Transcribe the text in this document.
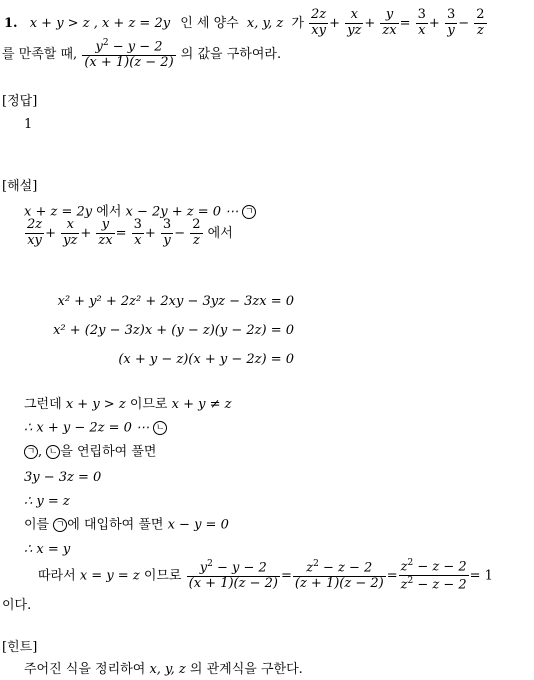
1. x + y > z , x + z = 2y 인 세 양수 x, y, z 가 $\frac{2z}{xy} + \frac{x}{yz} + \frac{y}{zx} = \frac{3}{x} + \frac{3}{y} - \frac{2}{z}$
를 만족할 때, $\frac{y^2 - y - 2}{(x + 1)(z - 2)}$ 의 값을 구하여라.
[정답]
1
[해설]
x + z = 2y 에서 x − 2y + z = 0 ⋯ ㄱ
$\frac{2z}{xy} + \frac{x}{yz} + \frac{y}{zx} = \frac{3}{x} + \frac{3}{y} - \frac{2}{z}$ 에서
x² + y² + 2z² + 2xy − 3yz − 3zx = 0
x² + (2y − 3z)x + (y − z)(y − 2z) = 0
(x + y − z)(x + y − 2z) = 0
그런데 x + y > z 이므로 x + y ≠ z
∴ x + y − 2z = 0 ⋯ ㄴ
ㄱ , ㄴ 을 연립하여 풀면
3y − 3z = 0
∴ y = z
이를 ㄱ 에 대입하여 풀면 x − y = 0
∴ x = y
따라서 x = y = z 이므로 $\frac{y^2 - y - 2}{(x + 1)(z - 2)} = \frac{z^2 - z - 2}{(z + 1)(z - 2)} = \frac{z^2 - z - 2}{z^2 - z - 2} = 1$
이다.
[힌트]
주어진 식을 정리하여 x, y, z 의 관계식을 구한다.
